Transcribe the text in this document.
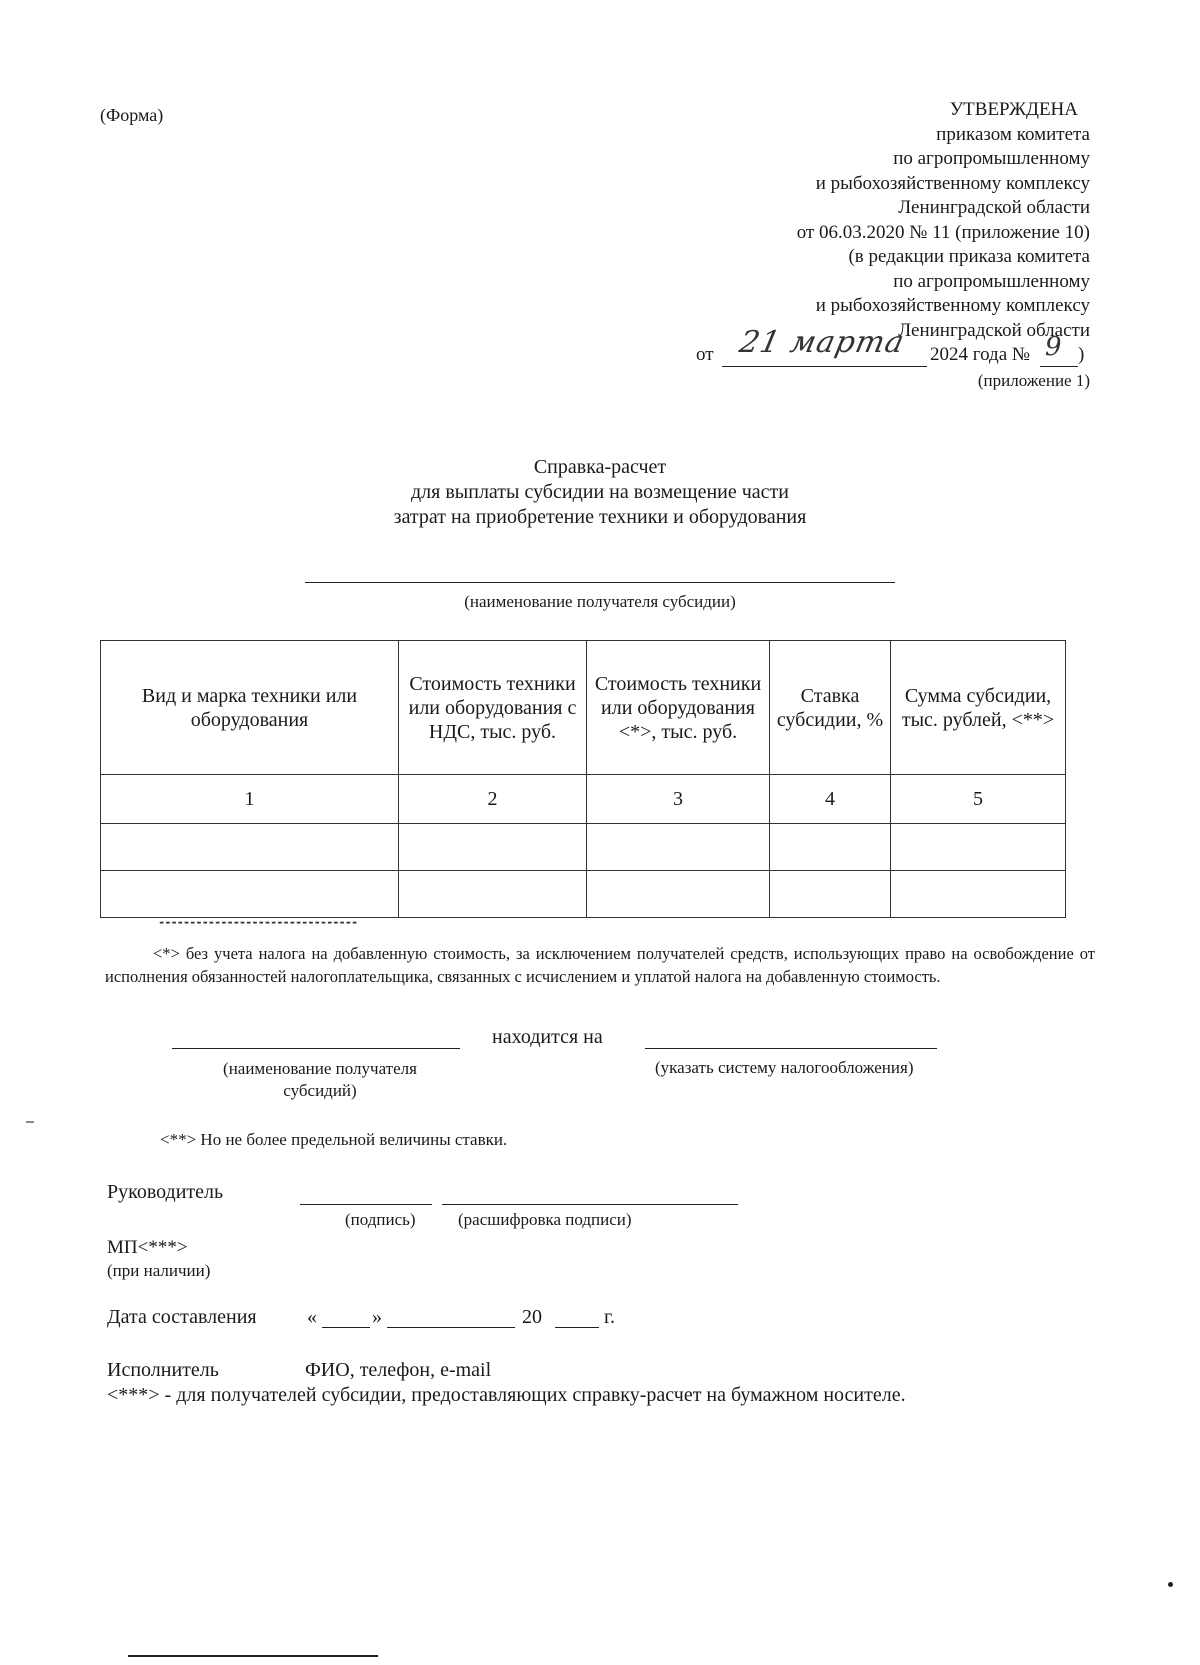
(Форма)	УТВЕРЖДЕНА
приказом комитета
по агропромышленному
и рыбохозяйственному комплексу
Ленинградской области
от 06.03.2020 № 11 (приложение 10)
(в редакции приказа комитета
по агропромышленному
и рыбохозяйственному комплексу
Ленинградской области
от 21 марта 2024 года № 9 )
(приложение 1)
Справка-расчет
для выплаты субсидии на возмещение части
затрат на приобретение техники и оборудования
(наименование получателя субсидии)
Вид и марка техники или оборудования	Стоимость техники или оборудования с НДС, тыс. руб.	Стоимость техники или оборудования <*>, тыс. руб.	Ставка субсидии, %	Сумма субсидии, тыс. рублей, <**>
1	2	3	4	5

--------------------------------
<*> без учета налога на добавленную стоимость, за исключением получателей средств, использующих право на освобождение от исполнения обязанностей налогоплательщика, связанных с исчислением и уплатой налога на добавленную стоимость.
находится на
(наименование получателя
субсидий)
(указать систему налогообложения)
<**> Но не более предельной величины ставки.
Руководитель
(подпись) (расшифровка подписи)
МП<***>
(при наличии)
Дата составления	«	»	20	г.
Исполнитель	ФИО, телефон, e-mail
<***> - для получателей субсидии, предоставляющих справку-расчет на бумажном носителе.
